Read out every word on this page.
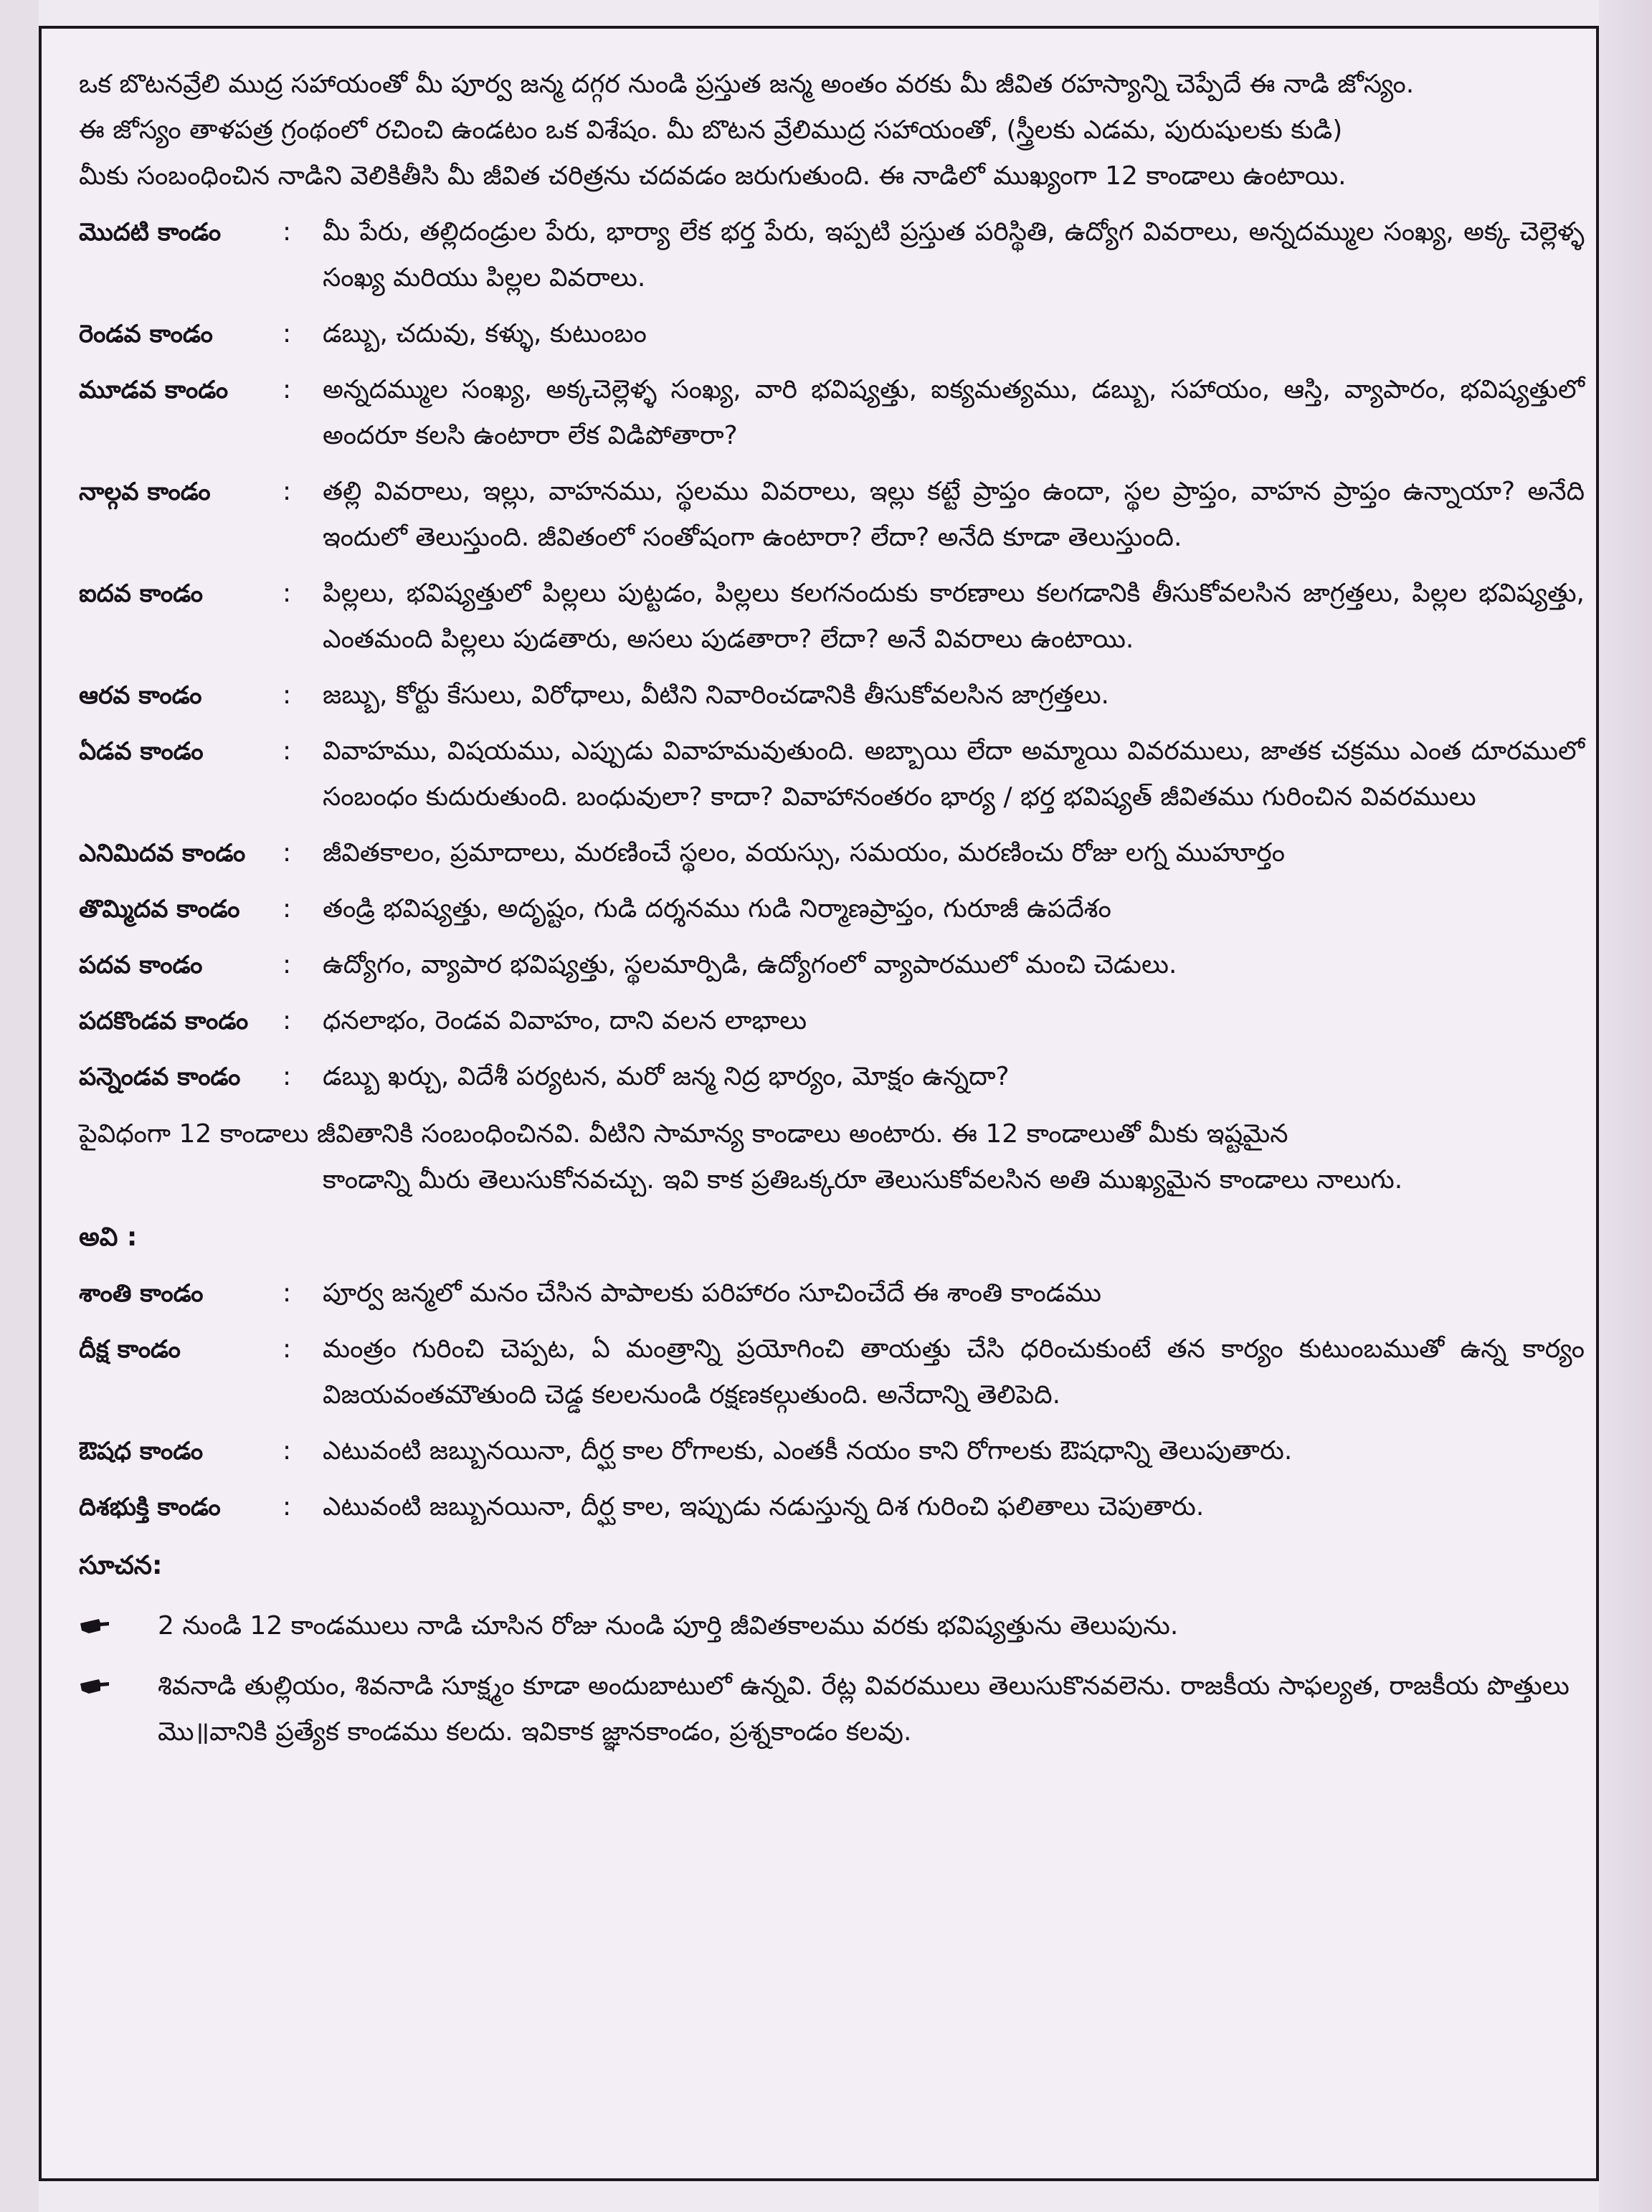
ఒక బొటనవ్రేలి ముద్ర సహాయంతో మీ పూర్వ జన్మ దగ్గర నుండి ప్రస్తుత జన్మ అంతం వరకు మీ జీవిత రహస్యాన్ని చెప్పేదే ఈ నాడి జోస్యం.

ఈ జోస్యం తాళపత్ర గ్రంథంలో రచించి ఉండటం ఒక విశేషం. మీ బొటన వ్రేలిముద్ర సహాయంతో, (స్త్రీలకు ఎడమ, పురుషులకు కుడి)

మీకు సంబంధించిన నాడిని వెలికితీసి మీ జీవిత చరిత్రను చదవడం జరుగుతుంది. ఈ నాడిలో ముఖ్యంగా 12 కాండాలు ఉంటాయి.

మొదటి కాండం	:	మీ పేరు, తల్లిదండ్రుల పేరు, భార్యా లేక భర్త పేరు, ఇప్పటి ప్రస్తుత పరిస్థితి, ఉద్యోగ వివరాలు, అన్నదమ్ముల సంఖ్య, అక్క చెల్లెళ్ళ సంఖ్య మరియు పిల్లల వివరాలు.
రెండవ కాండం	:	డబ్బు, చదువు, కళ్ళు, కుటుంబం
మూడవ కాండం	:	అన్నదమ్ముల సంఖ్య, అక్కచెల్లెళ్ళ సంఖ్య, వారి భవిష్యత్తు, ఐక్యమత్యము, డబ్బు, సహాయం, ఆస్తి, వ్యాపారం, భవిష్యత్తులో అందరూ కలసి ఉంటారా లేక విడిపోతారా?
నాల్గవ కాండం	:	తల్లి వివరాలు, ఇల్లు, వాహనము, స్థలము వివరాలు, ఇల్లు కట్టే ప్రాప్తం ఉందా, స్థల ప్రాప్తం, వాహన ప్రాప్తం ఉన్నాయా? అనేది ఇందులో తెలుస్తుంది. జీవితంలో సంతోషంగా ఉంటారా? లేదా? అనేది కూడా తెలుస్తుంది.
ఐదవ కాండం	:	పిల్లలు, భవిష్యత్తులో పిల్లలు పుట్టడం, పిల్లలు కలగనందుకు కారణాలు కలగడానికి తీసుకోవలసిన జాగ్రత్తలు, పిల్లల భవిష్యత్తు, ఎంతమంది పిల్లలు పుడతారు, అసలు పుడతారా? లేదా? అనే వివరాలు ఉంటాయి.
ఆరవ కాండం	:	జబ్బు, కోర్టు కేసులు, విరోధాలు, వీటిని నివారించడానికి తీసుకోవలసిన జాగ్రత్తలు.
ఏడవ కాండం	:	వివాహము, విషయము, ఎప్పుడు వివాహమవుతుంది. అబ్బాయి లేదా అమ్మాయి వివరములు, జాతక చక్రము ఎంత దూరములో సంబంధం కుదురుతుంది. బంధువులా? కాదా? వివాహానంతరం భార్య / భర్త భవిష్యత్ జీవితము గురించిన వివరములు
ఎనిమిదవ కాండం	:	జీవితకాలం, ప్రమాదాలు, మరణించే స్థలం, వయస్సు, సమయం, మరణించు రోజు లగ్న ముహూర్తం
తొమ్మిదవ కాండం	:	తండ్రి భవిష్యత్తు, అదృష్టం, గుడి దర్శనము గుడి నిర్మాణప్రాప్తం, గురూజీ ఉపదేశం
పదవ కాండం	:	ఉద్యోగం, వ్యాపార భవిష్యత్తు, స్థలమార్పిడి, ఉద్యోగంలో వ్యాపారములో మంచి చెడులు.
పదకొండవ కాండం	:	ధనలాభం, రెండవ వివాహం, దాని వలన లాభాలు
పన్నెండవ కాండం	:	డబ్బు ఖర్చు, విదేశీ పర్యటన, మరో జన్మ నిద్ర భార్యం, మోక్షం ఉన్నదా?
పైవిధంగా 12 కాండాలు జీవితానికి సంబంధించినవి. వీటిని సామాన్య కాండాలు అంటారు. ఈ 12 కాండాలుతో మీకు ఇష్టమైన
కాండాన్ని మీరు తెలుసుకోనవచ్చు. ఇవి కాక ప్రతిఒక్కరూ తెలుసుకోవలసిన అతి ముఖ్యమైన కాండాలు నాలుగు.
అవి :
శాంతి కాండం	:	పూర్వ జన్మలో మనం చేసిన పాపాలకు పరిహారం సూచించేదే ఈ శాంతి కాండము
దీక్ష కాండం	:	మంత్రం గురించి చెప్పట, ఏ మంత్రాన్ని ప్రయోగించి తాయత్తు చేసి ధరించుకుంటే తన కార్యం కుటుంబముతో ఉన్న కార్యం విజయవంతమౌతుంది చెడ్డ కలలనుండి రక్షణకల్గుతుంది. అనేదాన్ని తెలిపెది.
ఔషధ కాండం	:	ఎటువంటి జబ్బునయినా, దీర్ఘ కాల రోగాలకు, ఎంతకీ నయం కాని రోగాలకు ఔషధాన్ని తెలుపుతారు.
దిశభుక్తి కాండం	:	ఎటువంటి జబ్బునయినా, దీర్ఘ కాల, ఇప్పుడు నడుస్తున్న దిశ గురించి ఫలితాలు చెపుతారు.
సూచన:
2 నుండి 12 కాండములు నాడి చూసిన రోజు నుండి పూర్తి జీవితకాలము వరకు భవిష్యత్తును తెలుపును.
శివనాడి తుల్లియం, శివనాడి సూక్ష్మం కూడా అందుబాటులో ఉన్నవి. రేట్ల వివరములు తెలుసుకొనవలెను. రాజకీయ సాఫల్యత, రాజకీయ పొత్తులు మొ॥వానికి ప్రత్యేక కాండము కలదు. ఇవికాక జ్ఞానకాండం, ప్రశ్నకాండం కలవు.
